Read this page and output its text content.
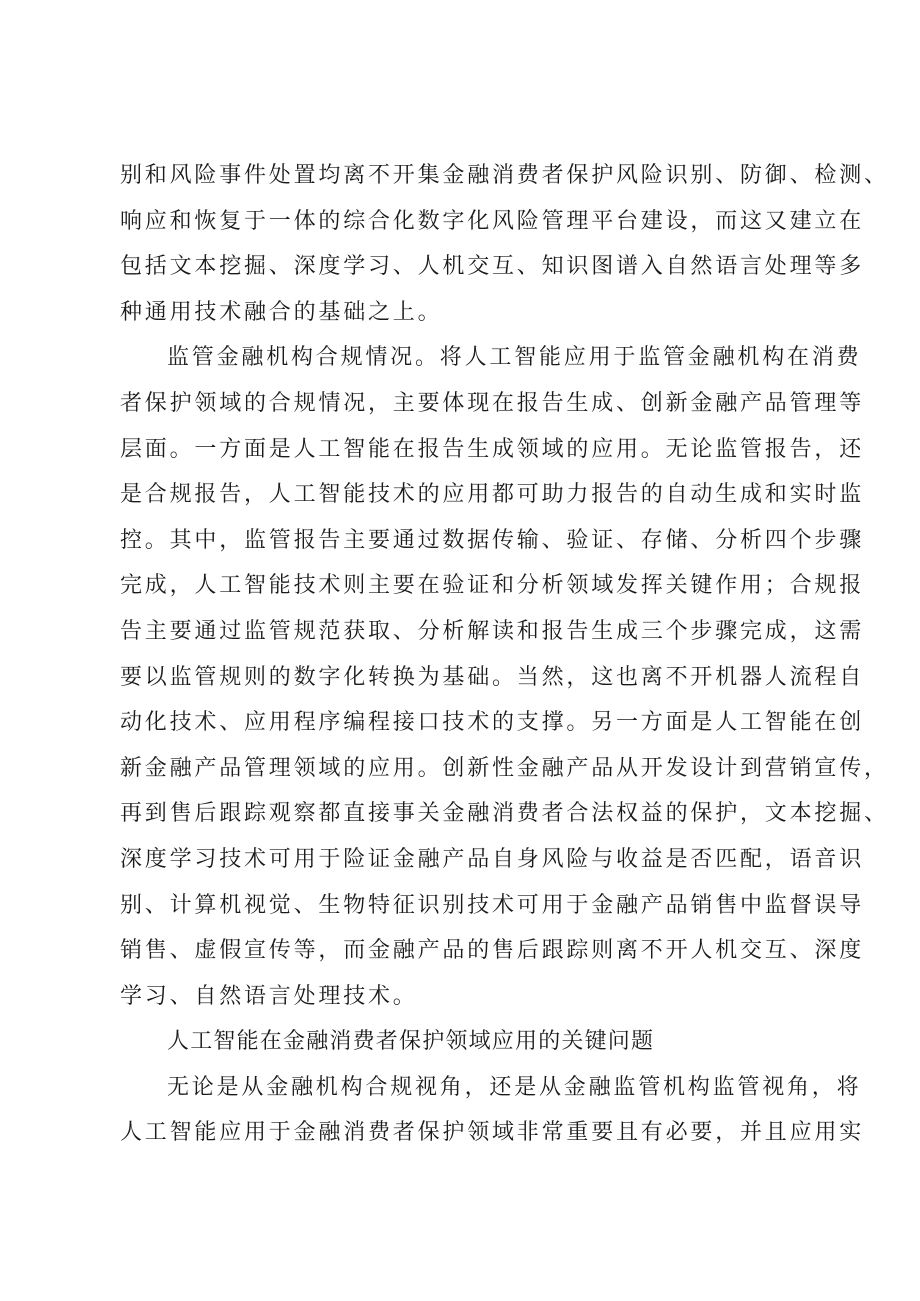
别和风险事件处置均离不开集金融消费者保护风险识别、防御、检测、
响应和恢复于一体的综合化数字化风险管理平台建设，而这又建立在
包括文本挖掘、深度学习、人机交互、知识图谱入自然语言处理等多
种通用技术融合的基础之上。
监管金融机构合规情况。将人工智能应用于监管金融机构在消费
者保护领域的合规情况，主要体现在报告生成、创新金融产品管理等
层面。一方面是人工智能在报告生成领域的应用。无论监管报告，还
是合规报告，人工智能技术的应用都可助力报告的自动生成和实时监
控。其中，监管报告主要通过数据传输、验证、存储、分析四个步骤
完成，人工智能技术则主要在验证和分析领域发挥关键作用；合规报
告主要通过监管规范获取、分析解读和报告生成三个步骤完成，这需
要以监管规则的数字化转换为基础。当然，这也离不开机器人流程自
动化技术、应用程序编程接口技术的支撑。另一方面是人工智能在创
新金融产品管理领域的应用。创新性金融产品从开发设计到营销宣传，
再到售后跟踪观察都直接事关金融消费者合法权益的保护，文本挖掘、
深度学习技术可用于险证金融产品自身风险与收益是否匹配，语音识
别、计算机视觉、生物特征识别技术可用于金融产品销售中监督误导
销售、虚假宣传等，而金融产品的售后跟踪则离不开人机交互、深度
学习、自然语言处理技术。
人工智能在金融消费者保护领域应用的关键问题
无论是从金融机构合规视角，还是从金融监管机构监管视角，将
人工智能应用于金融消费者保护领域非常重要且有必要，并且应用实
